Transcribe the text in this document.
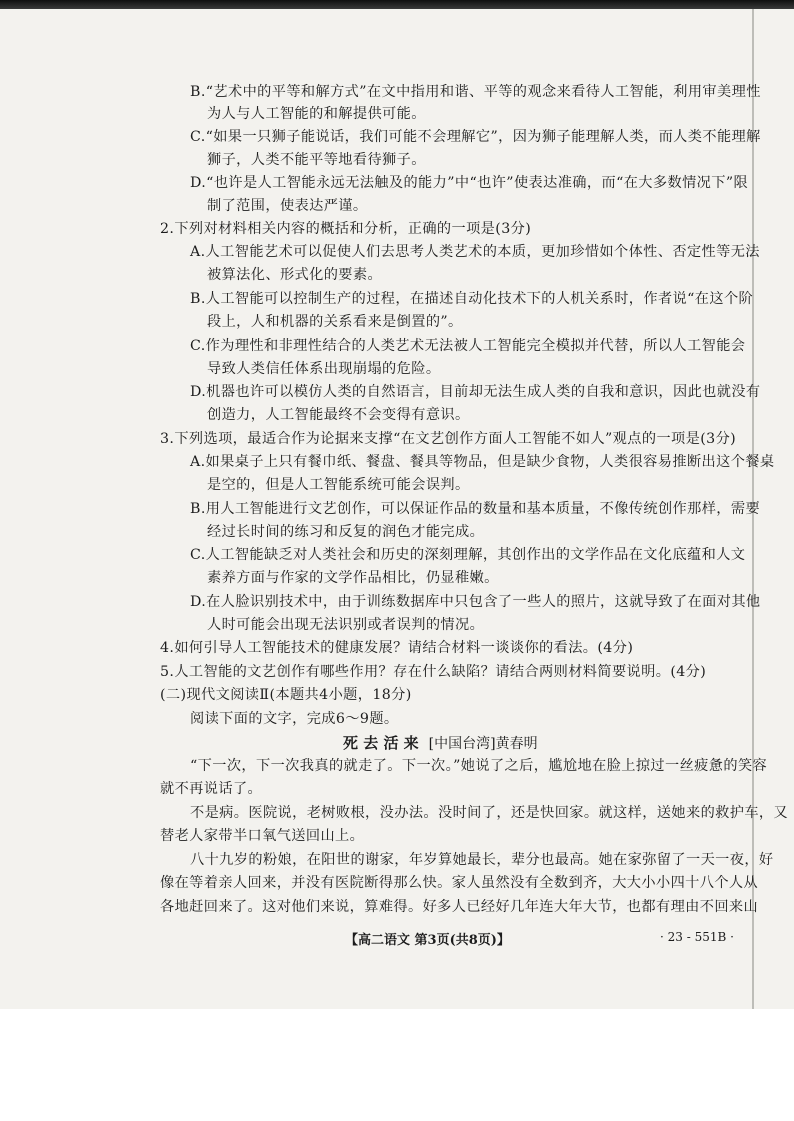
B.“艺术中的平等和解方式”在文中指用和谐、平等的观念来看待人工智能，利用审美理性
为人与人工智能的和解提供可能。
C.“如果一只狮子能说话，我们可能不会理解它”，因为狮子能理解人类，而人类不能理解
狮子，人类不能平等地看待狮子。
D.“也许是人工智能永远无法触及的能力”中“也许”使表达准确，而“在大多数情况下”限
制了范围，使表达严谨。
2.下列对材料相关内容的概括和分析，正确的一项是(3分)
A.人工智能艺术可以促使人们去思考人类艺术的本质，更加珍惜如个体性、否定性等无法
被算法化、形式化的要素。
B.人工智能可以控制生产的过程，在描述自动化技术下的人机关系时，作者说“在这个阶
段上，人和机器的关系看来是倒置的”。
C.作为理性和非理性结合的人类艺术无法被人工智能完全模拟并代替，所以人工智能会
导致人类信任体系出现崩塌的危险。
D.机器也许可以模仿人类的自然语言，目前却无法生成人类的自我和意识，因此也就没有
创造力，人工智能最终不会变得有意识。
3.下列选项，最适合作为论据来支撑“在文艺创作方面人工智能不如人”观点的一项是(3分)
A.如果桌子上只有餐巾纸、餐盘、餐具等物品，但是缺少食物，人类很容易推断出这个餐桌
是空的，但是人工智能系统可能会误判。
B.用人工智能进行文艺创作，可以保证作品的数量和基本质量，不像传统创作那样，需要
经过长时间的练习和反复的润色才能完成。
C.人工智能缺乏对人类社会和历史的深刻理解，其创作出的文学作品在文化底蕴和人文
素养方面与作家的文学作品相比，仍显稚嫩。
D.在人脸识别技术中，由于训练数据库中只包含了一些人的照片，这就导致了在面对其他
人时可能会出现无法识别或者误判的情况。
4.如何引导人工智能技术的健康发展？请结合材料一谈谈你的看法。(4分)
5.人工智能的文艺创作有哪些作用？存在什么缺陷？请结合两则材料简要说明。(4分)
(二)现代文阅读Ⅱ(本题共4小题，18分)
阅读下面的文字，完成6～9题。
死 去 活 来 [中国台湾]黄春明
“下一次，下一次我真的就走了。下一次。”她说了之后，尴尬地在脸上掠过一丝疲惫的笑容
就不再说话了。
不是病。医院说，老树败根，没办法。没时间了，还是快回家。就这样，送她来的救护车，又
替老人家带半口氧气送回山上。
八十九岁的粉娘，在阳世的谢家，年岁算她最长，辈分也最高。她在家弥留了一天一夜，好
像在等着亲人回来，并没有医院断得那么快。家人虽然没有全数到齐，大大小小四十八个人从
各地赶回来了。这对他们来说，算难得。好多人已经好几年连大年大节，也都有理由不回来山
【高二语文 第3页(共8页)】	· 23 - 551B ·
